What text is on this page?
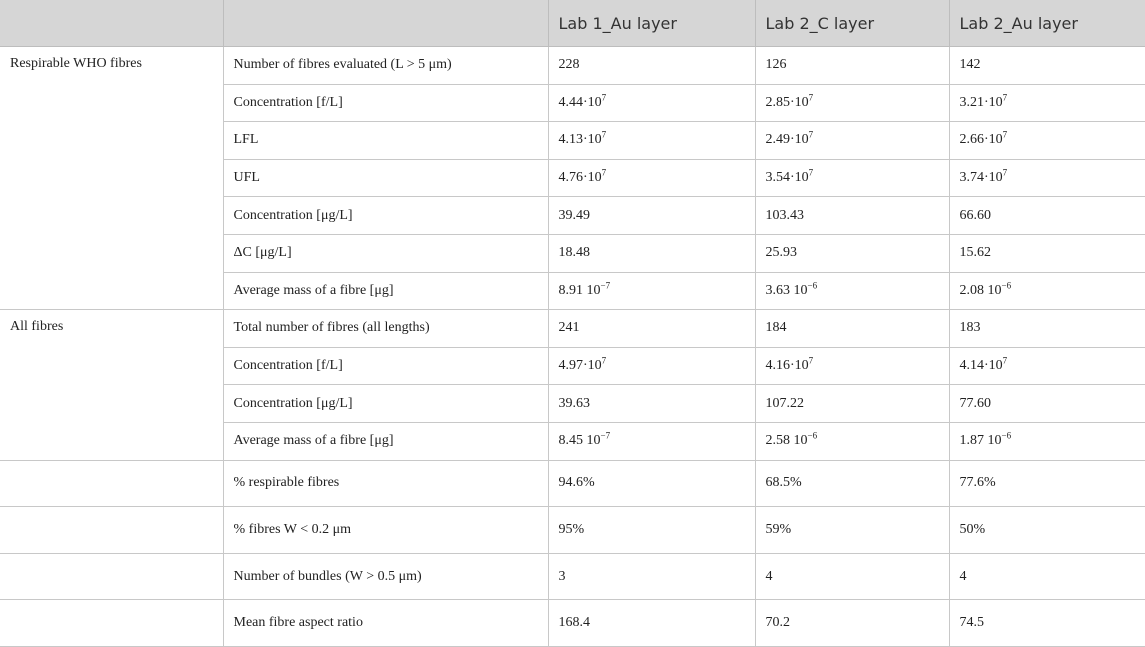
		Lab 1_Au layer	Lab 2_C layer	Lab 2_Au layer
Respirable WHO fibres	Number of fibres evaluated (L > 5 μm)	228	126	142
	Concentration [f/L]	$4.44\cdot 10^7$	$2.85\cdot 10^7$	$3.21\cdot 10^7$
	LFL	$4.13\cdot 10^7$	$2.49\cdot 10^7$	$2.66\cdot 10^7$
	UFL	$4.76\cdot 10^7$	$3.54\cdot 10^7$	$3.74\cdot 10^7$
	Concentration [μg/L]	39.49	103.43	66.60
	ΔC [μg/L]	18.48	25.93	15.62
	Average mass of a fibre [μg]	8.91 $10^{-7}$	3.63 $10^{-6}$	2.08 $10^{-6}$
All fibres	Total number of fibres (all lengths)	241	184	183
	Concentration [f/L]	$4.97\cdot 10^7$	$4.16\cdot 10^7$	$4.14\cdot 10^7$
	Concentration [μg/L]	39.63	107.22	77.60
	Average mass of a fibre [μg]	8.45 $10^{-7}$	2.58 $10^{-6}$	1.87 $10^{-6}$
	% respirable fibres	94.6%	68.5%	77.6%
	% fibres W < 0.2 μm	95%	59%	50%
	Number of bundles (W > 0.5 μm)	3	4	4
	Mean fibre aspect ratio	168.4	70.2	74.5
